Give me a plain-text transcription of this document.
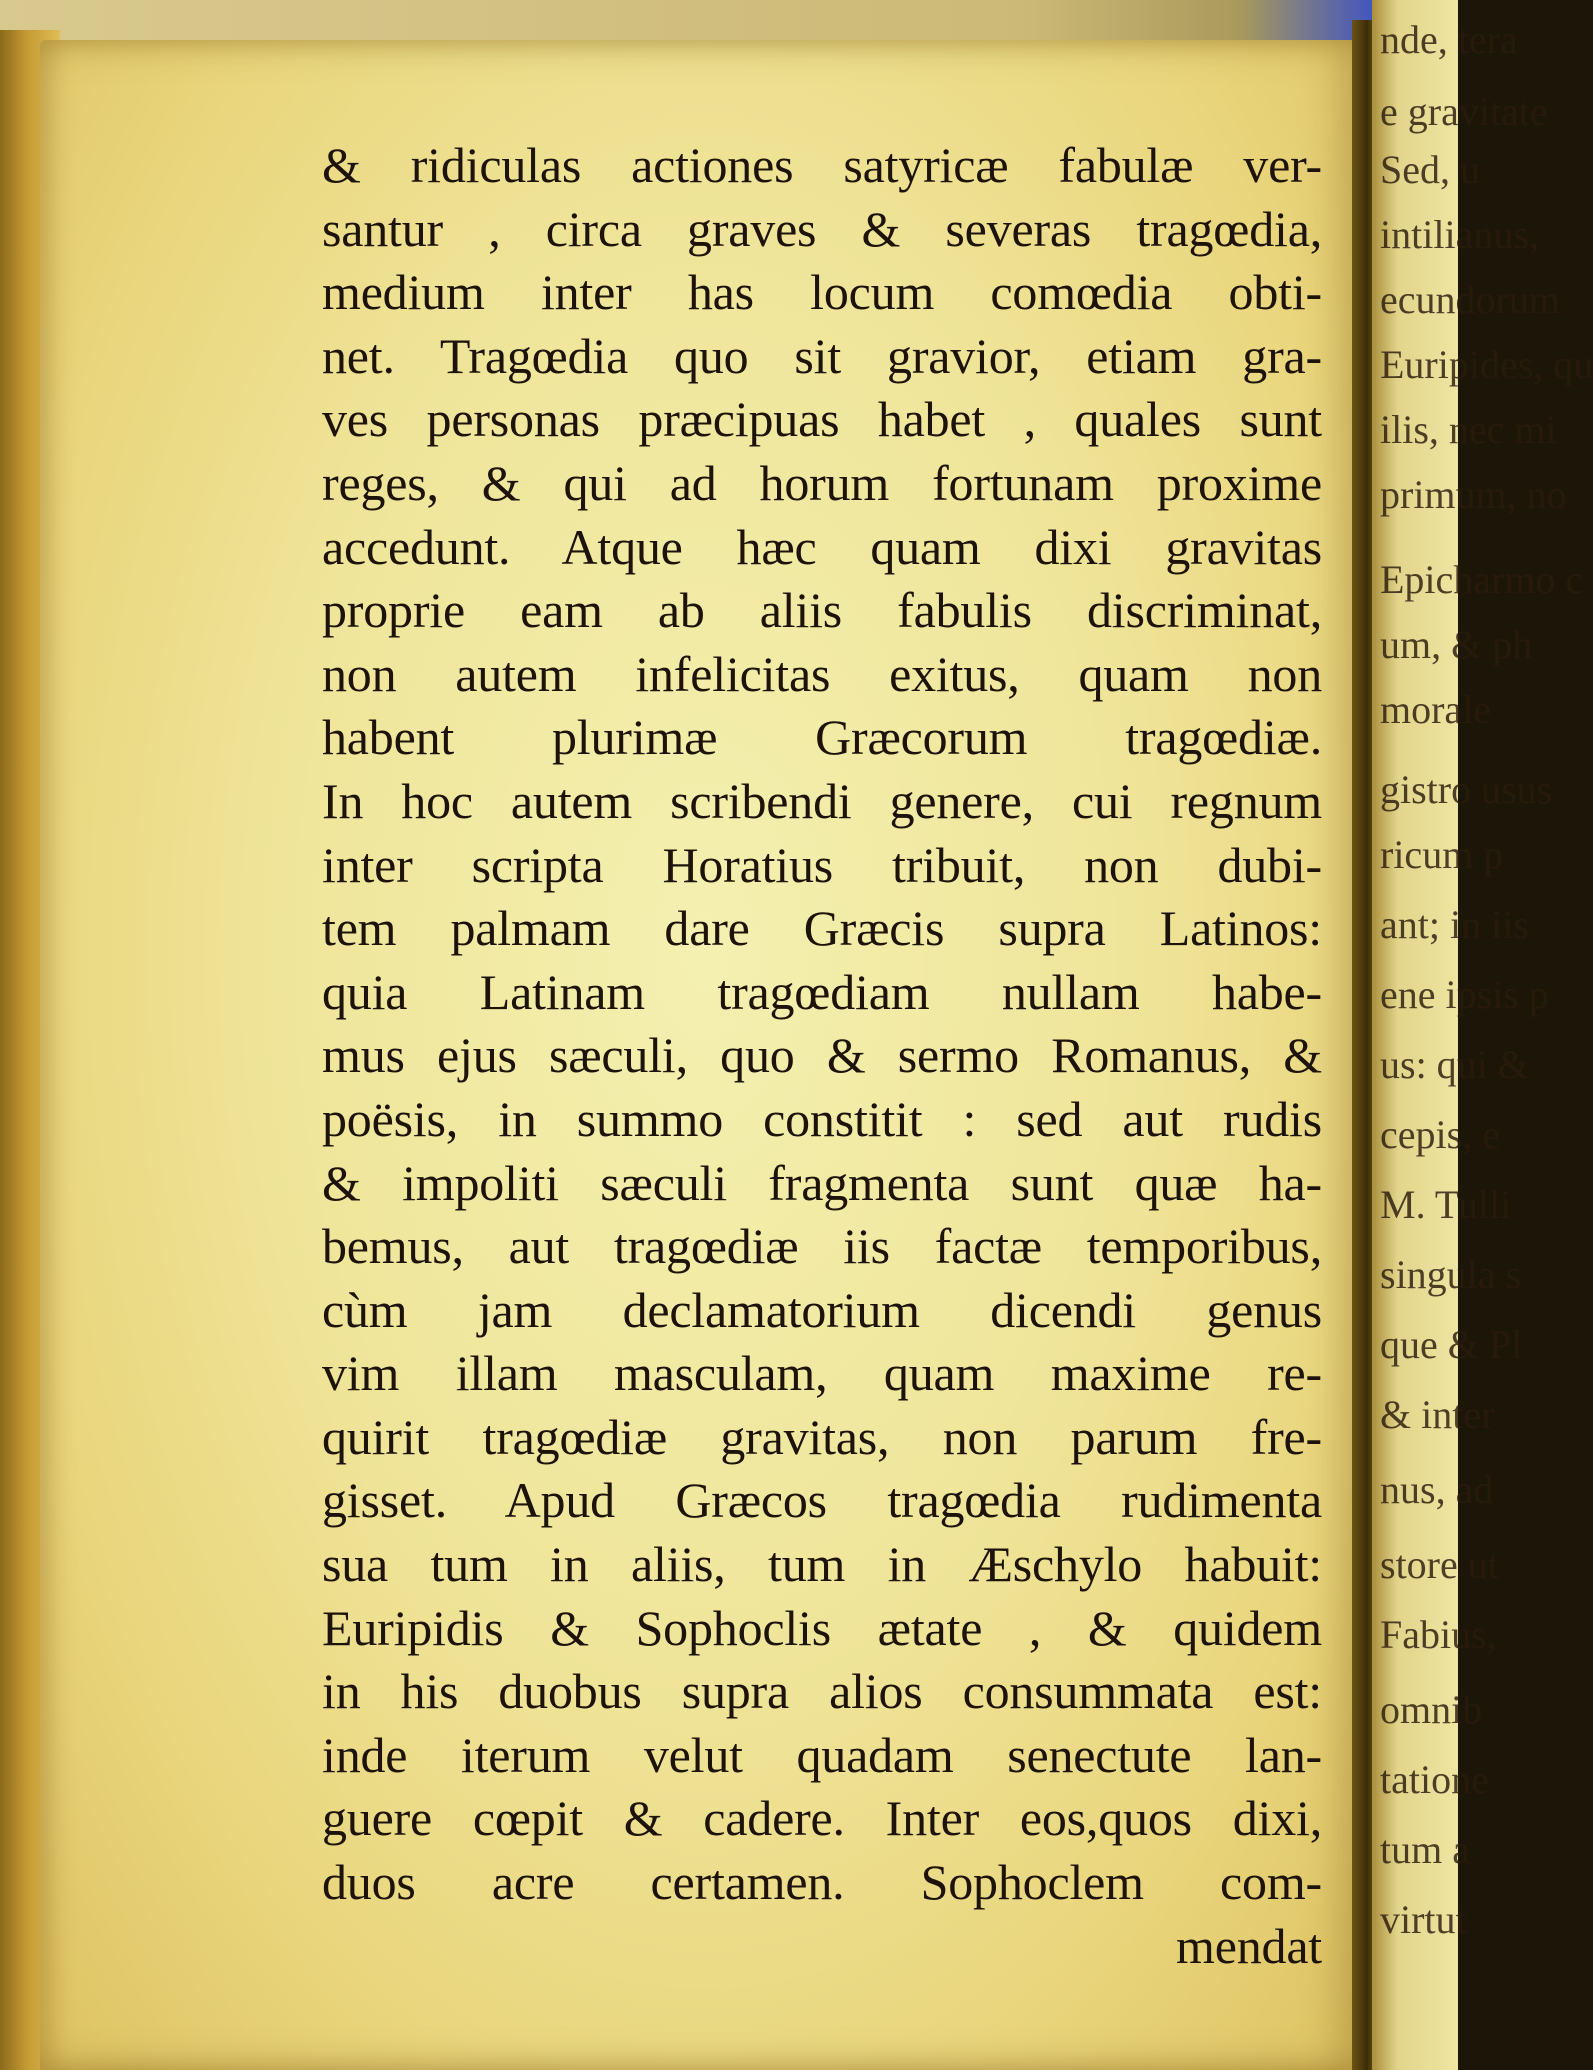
& ridiculas actiones satyricæ fabulæ ver-
santur , circa graves & severas tragœdia,
medium inter has locum comœdia obti-
net. Tragœdia quo sit gravior, etiam gra-
ves personas præcipuas habet , quales sunt
reges, & qui ad horum fortunam proxime
accedunt. Atque hæc quam dixi gravitas
proprie eam ab aliis fabulis discriminat,
non autem infelicitas exitus, quam non
habent plurimæ Græcorum tragœdiæ.
In hoc autem scribendi genere, cui regnum
inter scripta Horatius tribuit, non dubi-
tem palmam dare Græcis supra Latinos:
quia Latinam tragœdiam nullam habe-
mus ejus sæculi, quo & sermo Romanus, &
poësis, in summo constitit : sed aut rudis
& impoliti sæculi fragmenta sunt quæ ha-
bemus, aut tragœdiæ iis factæ temporibus,
cùm jam declamatorium dicendi genus
vim illam masculam, quam maxime re-
quirit tragœdiæ gravitas, non parum fre-
gisset. Apud Græcos tragœdia rudimenta
sua tum in aliis, tum in Æschylo habuit:
Euripidis & Sophoclis ætate , & quidem
in his duobus supra alios consummata est:
inde iterum velut quadam senectute lan-
guere cœpit & cadere. Inter eos,quos dixi,
duos acre certamen. Sophoclem com-
mendat
nde, tera
e gravitate
Sed, u
intilianus,
ecundorum
Euripides, qu
ilis, nec mi
primum, no
Epicharmo c
um, & ph
morale
gistro usus
ricum p
ant; in iis
ene ipsis p
us: qui &
cepis, e
M. Tulli
singula s
que & Pl
& inter
nus, ad
store ut
Fabius,
omnib
tatione
tum a
virtut
